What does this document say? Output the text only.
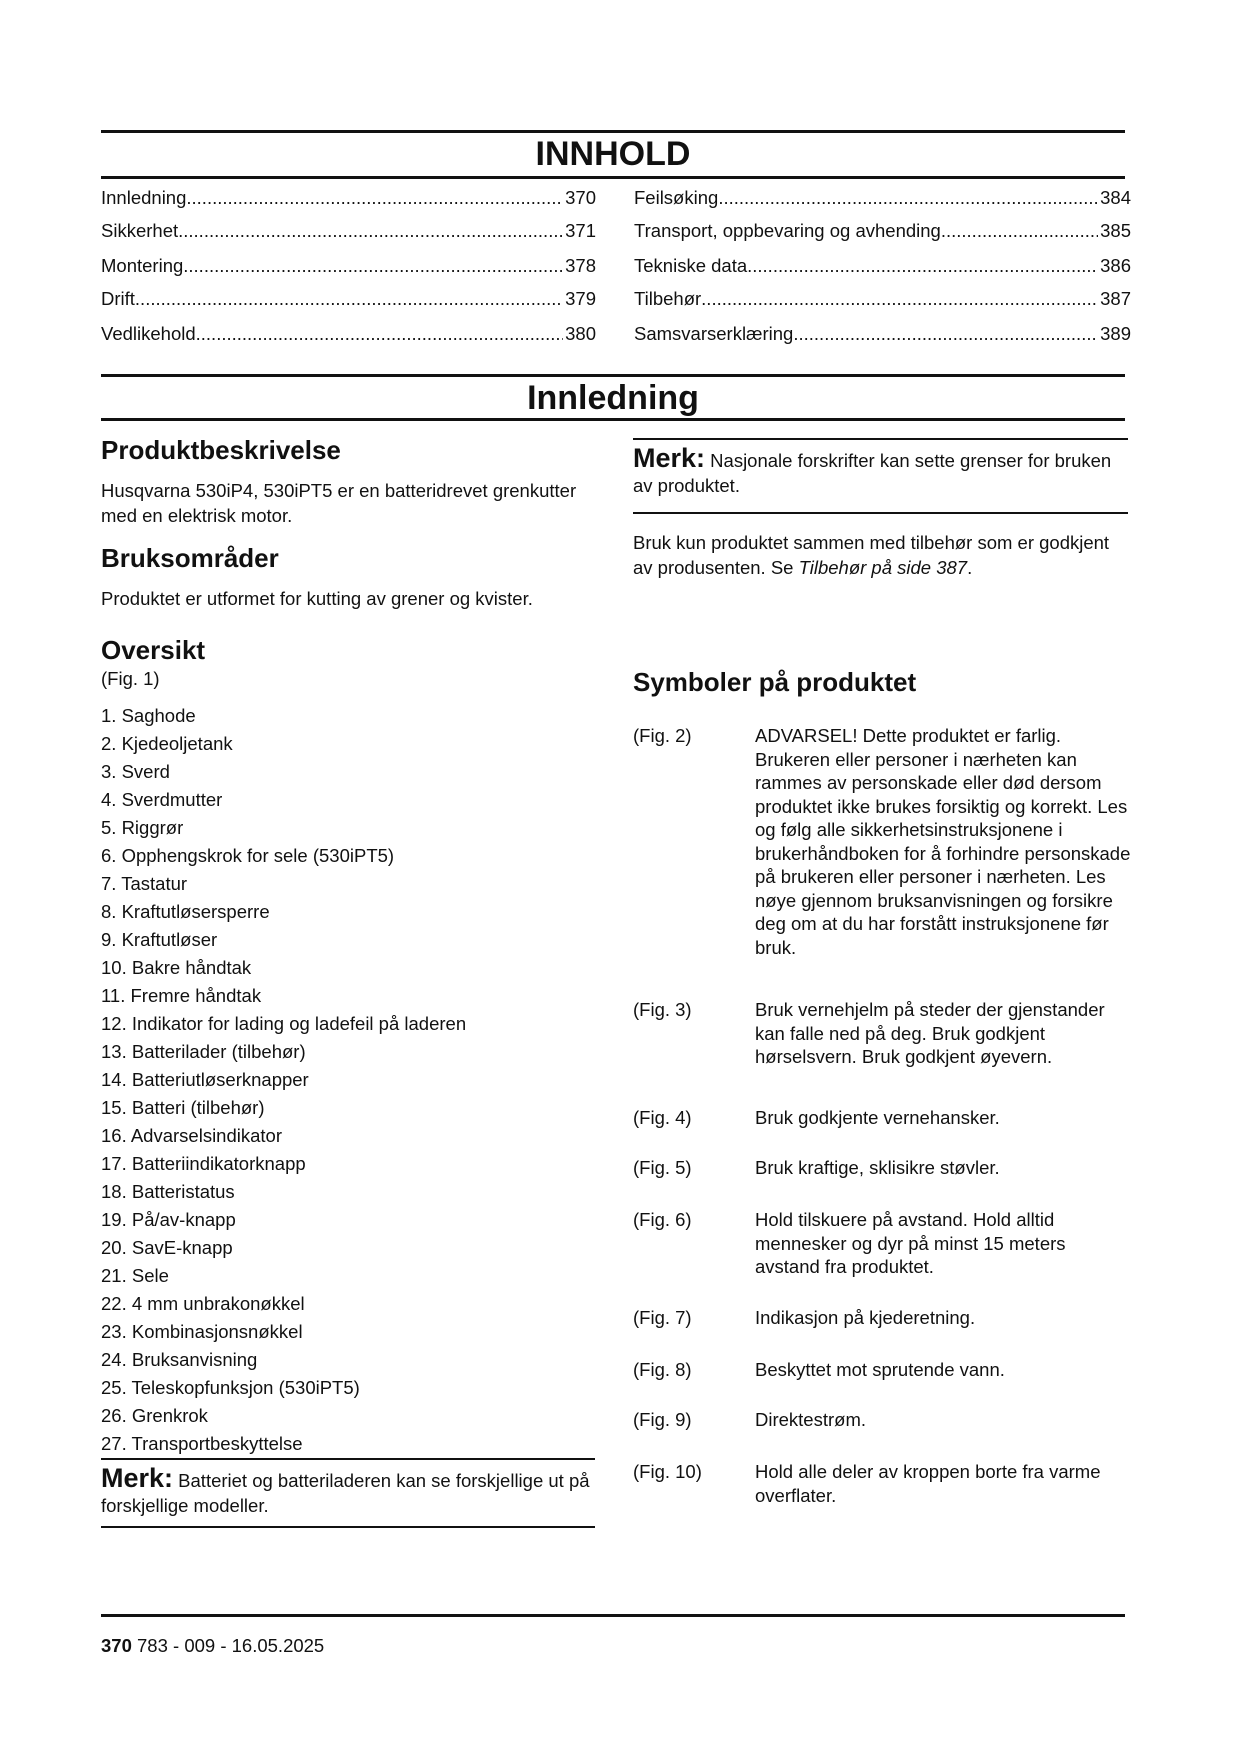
INNHOLD
Innledning .....	370
Sikkerhet .....	371
Montering .....	378
Drift .....	379
Vedlikehold .....	380
Feilsøking .....	384
Transport, oppbevaring og avhending .....	385
Tekniske data .....	386
Tilbehør .....	387
Samsvarserklæring .....	389
Innledning
Produktbeskrivelse

Husqvarna 530iP4, 530iPT5 er en batteridrevet grenkutter med en elektrisk motor.

Bruksområder

Produktet er utformet for kutting av grener og kvister.

Oversikt

(Fig. 1)

1. Saghode
2. Kjedeoljetank
3. Sverd
4. Sverdmutter
5. Riggrør
6. Opphengskrok for sele (530iPT5)
7. Tastatur
8. Kraftutløsersperre
9. Kraftutløser
10. Bakre håndtak
11. Fremre håndtak
12. Indikator for lading og ladefeil på laderen
13. Batterilader (tilbehør)
14. Batteriutløserknapper
15. Batteri (tilbehør)
16. Advarselsindikator
17. Batteriindikatorknapp
18. Batteristatus
19. På/av-knapp
20. SavE-knapp
21. Sele
22. 4 mm unbrakonøkkel
23. Kombinasjonsnøkkel
24. Bruksanvisning
25. Teleskopfunksjon (530iPT5)
26. Grenkrok
27. Transportbeskyttelse

Merk: Batteriet og batteriladeren kan se forskjellige ut på forskjellige modeller.

Merk: Nasjonale forskrifter kan sette grenser for bruken av produktet.

Bruk kun produktet sammen med tilbehør som er godkjent av produsenten. Se Tilbehør på side 387.

Symboler på produktet
(Fig. 2)	ADVARSEL! Dette produktet er farlig. Brukeren eller personer i nærheten kan rammes av personskade eller død dersom produktet ikke brukes forsiktig og korrekt. Les og følg alle sikkerhetsinstruksjonene i brukerhåndboken for å forhindre personskade på brukeren eller personer i nærheten. Les nøye gjennom bruksanvisningen og forsikre deg om at du har forstått instruksjonene før bruk.
(Fig. 3)	Bruk vernehjelm på steder der gjenstander kan falle ned på deg. Bruk godkjent hørselsvern. Bruk godkjent øyevern.
(Fig. 4)	Bruk godkjente vernehansker.
(Fig. 5)	Bruk kraftige, sklisikre støvler.
(Fig. 6)	Hold tilskuere på avstand. Hold alltid mennesker og dyr på minst 15 meters avstand fra produktet.
(Fig. 7)	Indikasjon på kjederetning.
(Fig. 8)	Beskyttet mot sprutende vann.
(Fig. 9)	Direktestrøm.
(Fig. 10)	Hold alle deler av kroppen borte fra varme overflater.
370 783 - 009 - 16.05.2025
